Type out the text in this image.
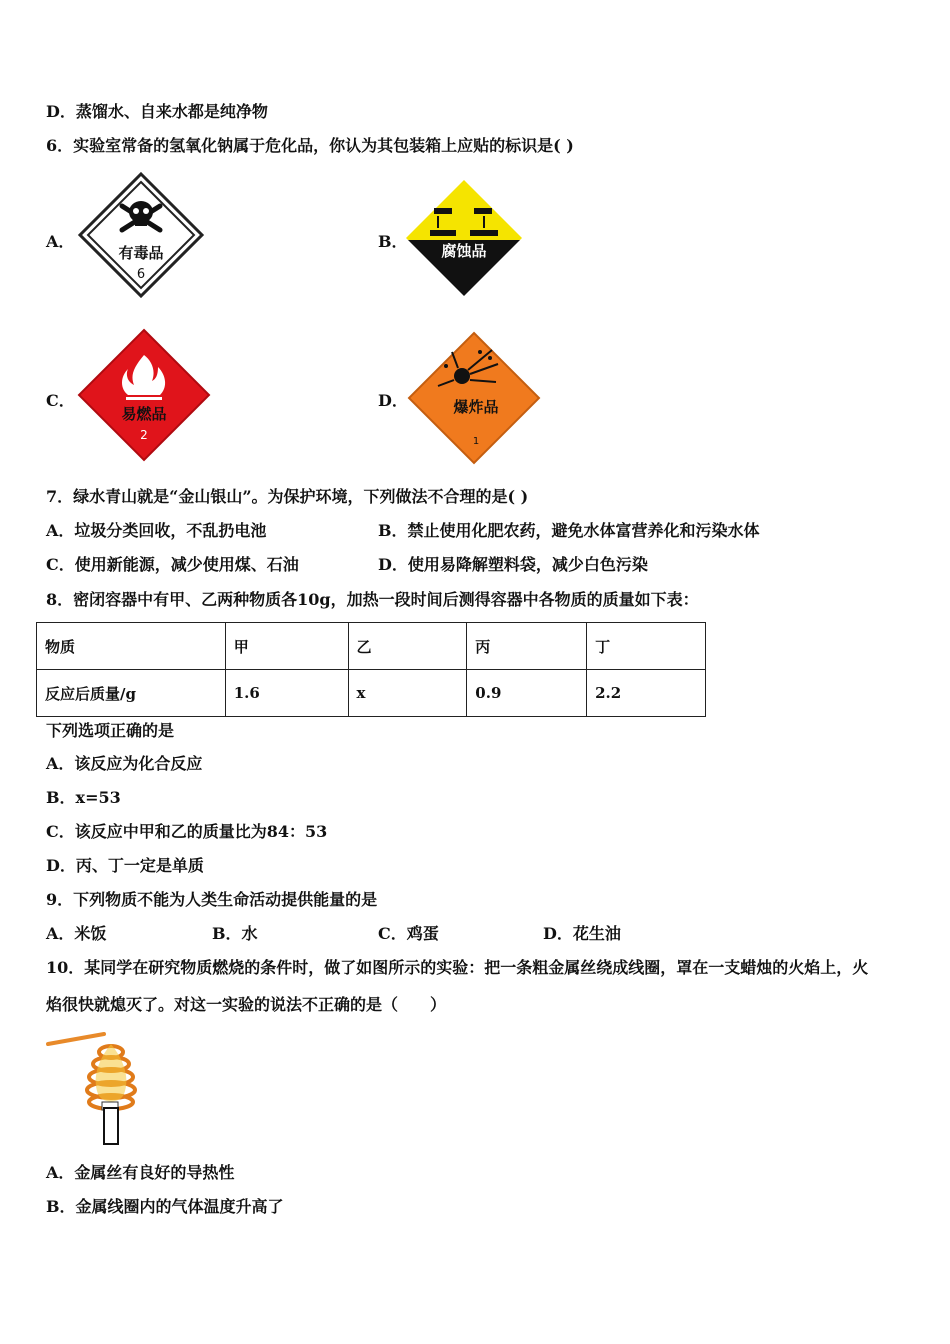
D．蒸馏水、自来水都是纯净物
6．实验室常备的氢氧化钠属于危化品，你认为其包装箱上应贴的标识是( )
A．
有毒品
6
B． 腐蚀品
C．
易燃品
2
D．	爆炸品
1
7．绿水青山就是“金山银山”。为保护环境，下列做法不合理的是( )
A．垃圾分类回收，不乱扔电池	B．禁止使用化肥农药，避免水体富营养化和污染水体
C．使用新能源，减少使用煤、石油	D．使用易降解塑料袋，减少白色污染
8．密闭容器中有甲、乙两种物质各10g，加热一段时间后测得容器中各物质的质量如下表：
物质	甲	乙	丙	丁
反应后质量/g	1.6	x	0.9	2.2
下列选项正确的是
A．该反应为化合反应
B．x=53
C．该反应中甲和乙的质量比为84：53
D．丙、丁一定是单质
9．下列物质不能为人类生命活动提供能量的是
A．米饭	B．水	C．鸡蛋	D．花生油
10．某同学在研究物质燃烧的条件时，做了如图所示的实验：把一条粗金属丝绕成线圈，罩在一支蜡烛的火焰上，火
焰很快就熄灭了。对这一实验的说法不正确的是（　　）
A．金属丝有良好的导热性
B．金属线圈内的气体温度升高了
